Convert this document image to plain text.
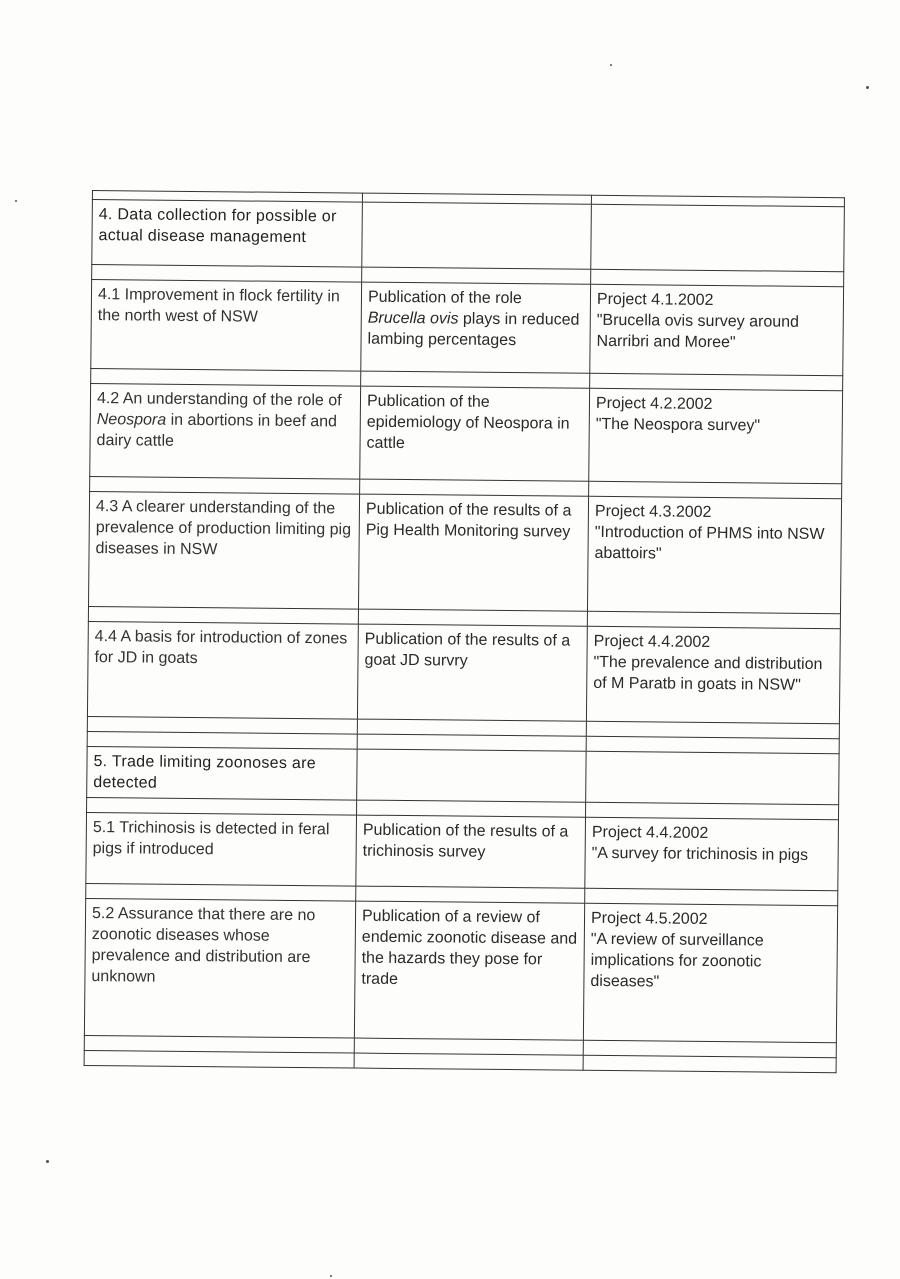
4. Data collection for possible or actual disease management		

4.1 Improvement in flock fertility in the north west of NSW	Publication of the role Brucella ovis plays in reduced lambing percentages	Project 4.1.2002
"Brucella ovis survey around Narribri and Moree"

4.2 An understanding of the role of Neospora in abortions in beef and dairy cattle	Publication of the epidemiology of Neospora in cattle	Project 4.2.2002
"The Neospora survey"

4.3 A clearer understanding of the prevalence of production limiting pig diseases in NSW	Publication of the results of a Pig Health Monitoring survey	Project 4.3.2002
"Introduction of PHMS into NSW abattoirs"

4.4 A basis for introduction of zones for JD in goats	Publication of the results of a goat JD survry	Project 4.4.2002
"The prevalence and distribution of M Paratb in goats in NSW"

5. Trade limiting zoonoses are detected		

5.1 Trichinosis is detected in feral pigs if introduced	Publication of the results of a trichinosis survey	Project 4.4.2002
"A survey for trichinosis in pigs

5.2 Assurance that there are no zoonotic diseases whose prevalence and distribution are unknown	Publication of a review of endemic zoonotic disease and the hazards they pose for trade	Project 4.5.2002
"A review of surveillance implications for zoonotic diseases"
